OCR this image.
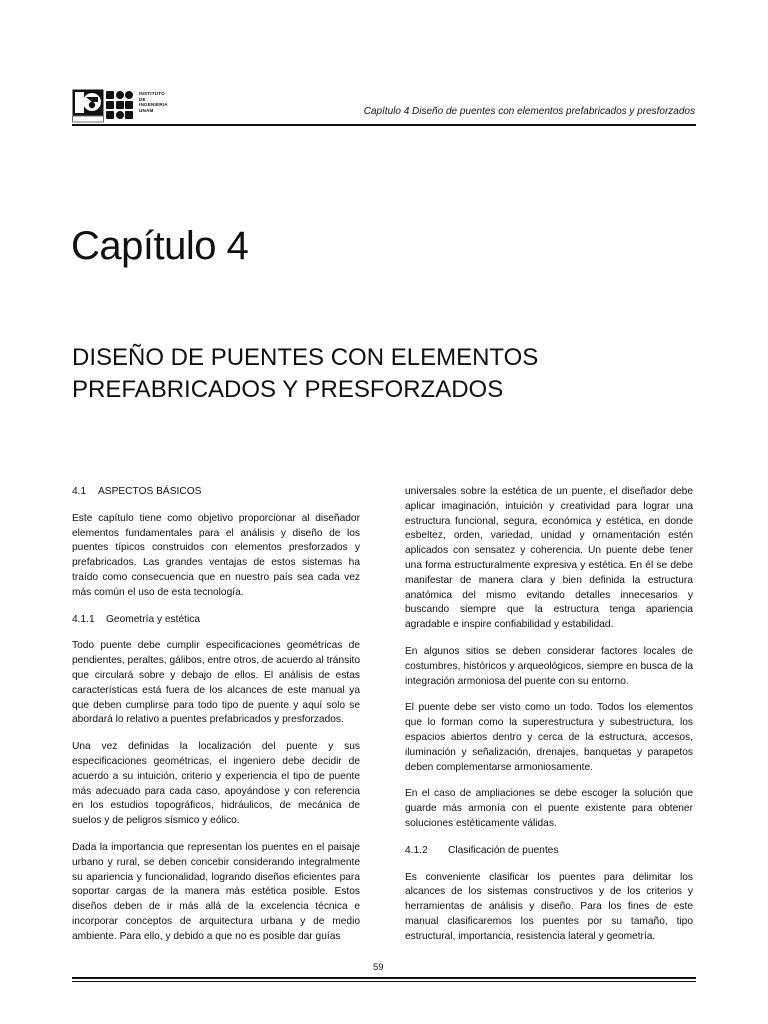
INSTITUTO
DE
INGENIERIA
UNAM	Capítulo 4 Diseño de puentes con elementos prefabricados y presforzados
Capítulo 4
DISEÑO DE PUENTES CON ELEMENTOS
PREFABRICADOS Y PRESFORZADOS
4.1 ASPECTOS BÁSICOS

Este capítulo tiene como objetivo proporcionar al diseñador elementos fundamentales para el análisis y diseño de los puentes típicos construidos con elementos presforzados y prefabricados. Las grandes ventajas de estos sistemas ha traído como consecuencia que en nuestro país sea cada vez más común el uso de esta tecnología.

4.1.1 Geometría y estética

Todo puente debe cumplir especificaciones geométricas de pendientes, peraltes, gálibos, entre otros, de acuerdo al tránsito que circulará sobre y debajo de ellos. El análisis de estas características está fuera de los alcances de este manual ya que deben cumplirse para todo tipo de puente y aquí solo se abordará lo relativo a puentes prefabricados y presforzados.

Una vez definidas la localización del puente y sus especificaciones geométricas, el ingeniero debe decidir de acuerdo a su intuición, criterio y experiencia el tipo de puente más adecuado para cada caso, apoyándose y con referencia en los estudios topográficos, hidráulicos, de mecánica de suelos y de peligros sísmico y eólico.

Dada la importancia que representan los puentes en el paisaje urbano y rural, se deben concebir considerando integralmente su apariencia y funcionalidad, logrando diseños eficientes para soportar cargas de la manera más estética posible. Estos diseños deben de ir más allá de la excelencia técnica e incorporar conceptos de arquitectura urbana y de medio ambiente. Para ello, y debido a que no es posible dar guías

universales sobre la estética de un puente, el diseñador debe aplicar imaginación, intuición y creatividad para lograr una estructura funcional, segura, económica y estética, en donde esbeltez, orden, variedad, unidad y ornamentación estén aplicados con sensatez y coherencia. Un puente debe tener una forma estructuralmente expresiva y estética. En él se debe manifestar de manera clara y bien definida la estructura anatómica del mismo evitando detalles innecesarios y buscando siempre que la estructura tenga apariencia agradable e inspire confiabilidad y estabilidad.

En algunos sitios se deben considerar factores locales de costumbres, históricos y arqueológicos, siempre en busca de la integración armoniosa del puente con su entorno.

El puente debe ser visto como un todo. Todos los elementos que lo forman como la superestructura y subestructura, los espacios abiertos dentro y cerca de la estructura, accesos, iluminación y señalización, drenajes, banquetas y parapetos deben complementarse armoniosamente.

En el caso de ampliaciones se debe escoger la solución que guarde más armonía con el puente existente para obtener soluciones estéticamente válidas.

4.1.2 Clasificación de puentes

Es conveniente clasificar los puentes para delimitar los alcances de los sistemas constructivos y de los criterios y herramientas de análisis y diseño. Para los fines de este manual clasificaremos los puentes por su tamaño, tipo estructural, importancia, resistencia lateral y geometría.

59
